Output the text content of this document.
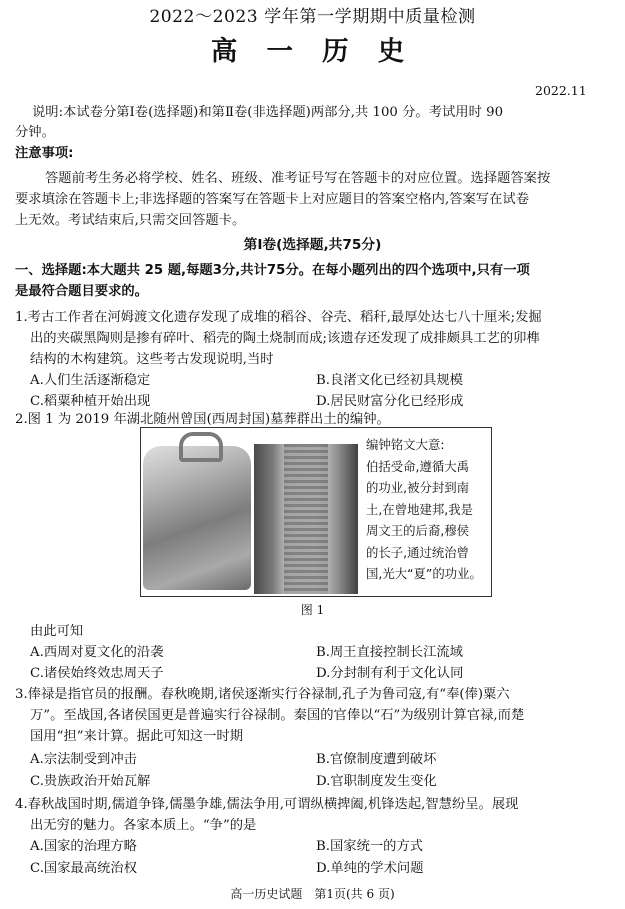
2022～2023 学年第一学期期中质量检测
高 一 历 史
2022.11
说明:本试卷分第Ⅰ卷(选择题)和第Ⅱ卷(非选择题)两部分,共 100 分。考试用时 90
分钟。
注意事项:
答题前考生务必将学校、姓名、班级、准考证号写在答题卡的对应位置。选择题答案按
要求填涂在答题卡上;非选择题的答案写在答题卡上对应题目的答案空格内,答案写在试卷
上无效。考试结束后,只需交回答题卡。
第Ⅰ卷(选择题,共75分)
一、选择题:本大题共 25 题,每题3分,共计75分。在每小题列出的四个选项中,只有一项
是最符合题目要求的。
1.考古工作者在河姆渡文化遗存发现了成堆的稻谷、谷壳、稻秆,最厚处达七八十厘米;发掘
出的夹碳黑陶则是掺有碎叶、稻壳的陶土烧制而成;该遗存还发现了成排颇具工艺的卯榫
结构的木构建筑。这些考古发现说明,当时
A.人们生活逐渐稳定	B.良渚文化已经初具规模
C.稻粟种植开始出现	D.居民财富分化已经形成
2.图 1 为 2019 年湖北随州曾国(西周封国)墓葬群出土的编钟。
编钟铭文大意:
伯括受命,遵循大禹
的功业,被分封到南
土,在曾地建邦,我是
周文王的后裔,穆侯
的长子,通过统治曾
国,光大“夏”的功业。
图 1
由此可知
A.西周对夏文化的沿袭	B.周王直接控制长江流域
C.诸侯始终效忠周天子	D.分封制有利于文化认同
3.俸禄是指官员的报酬。春秋晚期,诸侯逐渐实行谷禄制,孔子为鲁司寇,有“奉(俸)粟六
万”。至战国,各诸侯国更是普遍实行谷禄制。秦国的官俸以“石”为级别计算官禄,而楚
国用“担”来计算。据此可知这一时期
A.宗法制受到冲击	B.官僚制度遭到破坏
C.贵族政治开始瓦解	D.官职制度发生变化
4.春秋战国时期,儒道争锋,儒墨争雄,儒法争用,可谓纵横捭阖,机锋迭起,智慧纷呈。展现
出无穷的魅力。各家本质上。“争”的是
A.国家的治理方略	B.国家统一的方式
C.国家最高统治权	D.单纯的学术问题
高一历史试题　第1页(共 6 页)
